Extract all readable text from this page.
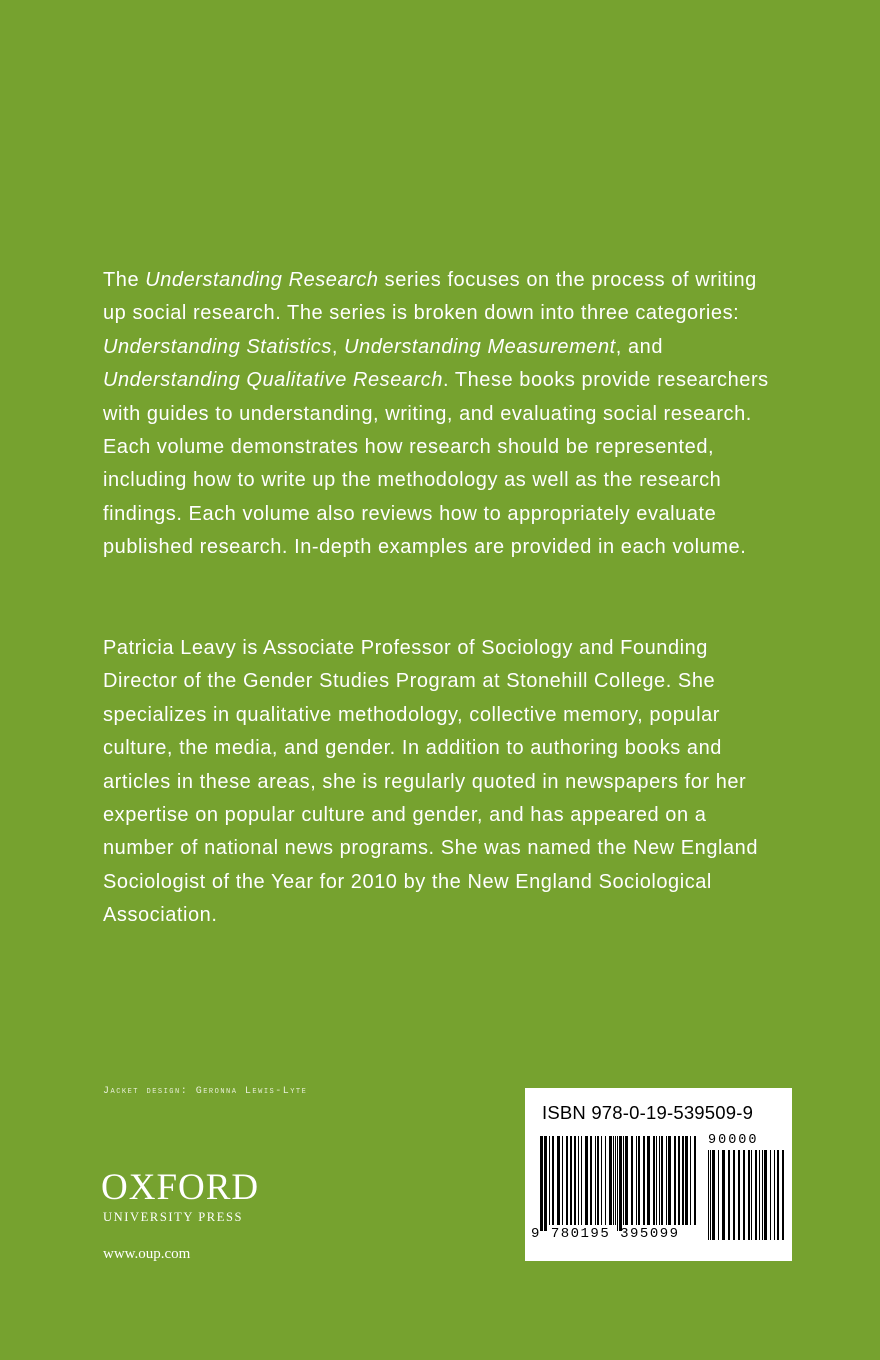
The Understanding Research series focuses on the process of writing up social research. The series is broken down into three categories: Understanding Statistics, Understanding Measurement, and Understanding Qualitative Research. These books provide researchers with guides to understanding, writing, and evaluating social research. Each volume demonstrates how research should be represented, including how to write up the methodology as well as the research findings. Each volume also reviews how to appropriately evaluate published research. In-depth examples are provided in each volume.

Patricia Leavy is Associate Professor of Sociology and Founding Director of the Gender Studies Program at Stonehill College. She specializes in qualitative methodology, collective memory, popular culture, the media, and gender. In addition to authoring books and articles in these areas, she is regularly quoted in newspapers for her expertise on popular culture and gender, and has appeared on a number of national news programs. She was named the New England Sociologist of the Year for 2010 by the New England Sociological Association.

Jacket design: Geronna Lewis-Lyte
OXFORD
UNIVERSITY PRESS
www.oup.com
ISBN 978-0-19-539509-9
90000
9 780195 395099
